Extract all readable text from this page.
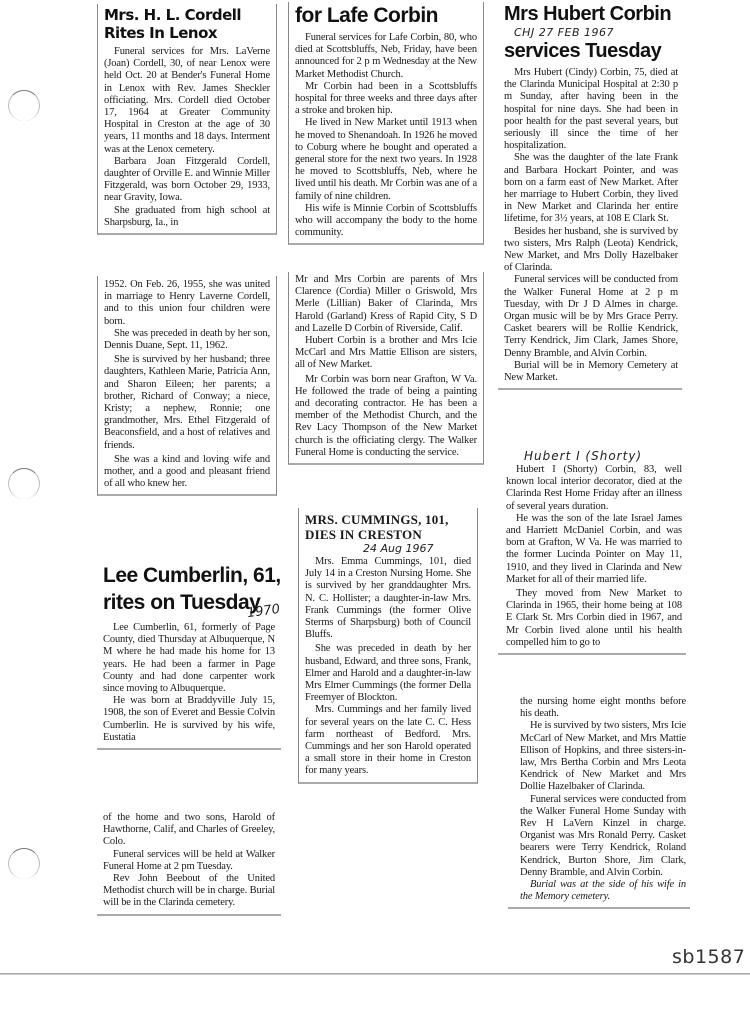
Mrs. H. L. Cordell
Rites In Lenox

Funeral services for Mrs. LaVerne (Joan) Cordell, 30, of near Lenox were held Oct. 20 at Bender's Funeral Home in Lenox with Rev. James Sheckler officiating. Mrs. Cordell died October 17, 1964 at Greater Community Hospital in Creston at the age of 30 years, 11 months and 18 days. Interment was at the Lenox cemetery.

Barbara Joan Fitzgerald Cordell, daughter of Orville E. and Winnie Miller Fitzgerald, was born October 29, 1933, near Gravity, Iowa.

She graduated from high school at Sharpsburg, Ia., in

1952. On Feb. 26, 1955, she was united in marriage to Henry Laverne Cordell, and to this union four children were born.

She was preceded in death by her son, Dennis Duane, Sept. 11, 1962.

She is survived by her husband; three daughters, Kathleen Marie, Patricia Ann, and Sharon Eileen; her parents; a brother, Richard of Conway; a niece, Kristy; a nephew, Ronnie; one grandmother, Mrs. Ethel Fitzgerald of Beaconsfield, and a host of relatives and friends.

She was a kind and loving wife and mother, and a good and pleasant friend of all who knew her.

Lee Cumberlin, 61,
rites on Tuesday
1970

Lee Cumberlin, 61, formerly of Page County, died Thursday at Albuquerque, N M where he had made his home for 13 years. He had been a farmer in Page County and had done carpenter work since moving to Albuquerque.

He was born at Braddyville July 15, 1908, the son of Everet and Bessie Colvin Cumberlin. He is survived by his wife, Eustatia

of the home and two sons, Harold of Hawthorne, Calif, and Charles of Greeley, Colo.

Funeral services will be held at Walker Funeral Home at 2 pm Tuesday.

Rev John Beebout of the United Methodist church will be in charge. Burial will be in the Clarinda cemetery.

for Lafe Corbin

Funeral services for Lafe Corbin, 80, who died at Scottsbluffs, Neb, Friday, have been announced for 2 p m Wednesday at the New Market Methodist Church.

Mr Corbin had been in a Scottsbluffs hospital for three weeks and three days after a stroke and broken hip.

He lived in New Market until 1913 when he moved to Shenandoah. In 1926 he moved to Coburg where he bought and operated a general store for the next two years. In 1928 he moved to Scottsbluffs, Neb, where he lived until his death. Mr Corbin was ane of a family of nine children.

His wife is Minnie Corbin of Scottsbluffs who will accompany the body to the home community.

Mr and Mrs Corbin are parents of Mrs Clarence (Cordia) Miller o Griswold, Mrs Merle (Lillian) Baker of Clarinda, Mrs Harold (Garland) Kress of Rapid City, S D and Lazelle D Corbin of Riverside, Calif.

Hubert Corbin is a brother and Mrs Icie McCarl and Mrs Mattie Ellison are sisters, all of New Market.

Mr Corbin was born near Grafton, W Va. He followed the trade of being a painting and decorating contractor. He has been a member of the Methodist Church, and the Rev Lacy Thompson of the New Market church is the officiating clergy. The Walker Funeral Home is conducting the service.

MRS. CUMMINGS, 101,
DIES IN CRESTON
24 Aug 1967

Mrs. Emma Cummings, 101, died July 14 in a Creston Nursing Home. She is survived by her granddaughter Mrs. N. C. Hollister; a daughter-in-law Mrs. Frank Cummings (the former Olive Sterms of Sharpsburg) both of Council Bluffs.

She was preceded in death by her husband, Edward, and three sons, Frank, Elmer and Harold and a daughter-in-law Mrs Elmer Cummings (the former Della Freemyer of Blockton.

Mrs. Cummings and her family lived for several years on the late C. C. Hess farm northeast of Bedford. Mrs. Cummings and her son Harold operated a small store in their home in Creston for many years.

Mrs Hubert Corbin
CHJ 27 FEB 1967
services Tuesday

Mrs Hubert (Cindy) Corbin, 75, died at the Clarinda Municipal Hospital at 2:30 p m Sunday, after having been in the hospital for nine days. She had been in poor health for the past several years, but seriously ill since the time of her hospitalization.

She was the daughter of the late Frank and Barbara Hockart Pointer, and was born on a farm east of New Market. After her marriage to Hubert Corbin, they lived in New Market and Clarinda her entire lifetime, for 3½ years, at 108 E Clark St.

Besides her husband, she is survived by two sisters, Mrs Ralph (Leota) Kendrick, New Market, and Mrs Dolly Hazelbaker of Clarinda.

Funeral services will be conducted from the Walker Funeral Home at 2 p m Tuesday, with Dr J D Almes in charge. Organ music will be by Mrs Grace Perry. Casket bearers will be Rollie Kendrick, Terry Kendrick, Jim Clark, James Shore, Denny Bramble, and Alvin Corbin.

Burial will be in Memory Cemetery at New Market.

Hubert I (Shorty)

Hubert I (Shorty) Corbin, 83, well known local interior decorator, died at the Clarinda Rest Home Friday after an illness of several years duration.

He was the son of the late Israel James and Harriett McDaniel Corbin, and was born at Grafton, W Va. He was married to the former Lucinda Pointer on May 11, 1910, and they lived in Clarinda and New Market for all of their married life.

They moved from New Market to Clarinda in 1965, their home being at 108 E Clark St. Mrs Corbin died in 1967, and Mr Corbin lived alone until his health compelled him to go to

the nursing home eight months before his death.

He is survived by two sisters, Mrs Icie McCarl of New Market, and Mrs Mattie Ellison of Hopkins, and three sisters-in-law, Mrs Bertha Corbin and Mrs Leota Kendrick of New Market and Mrs Dollie Hazelbaker of Clarinda.

Funeral services were conducted from the Walker Funeral Home Sunday with Rev H LaVern Kinzel in charge. Organist was Mrs Ronald Perry. Casket bearers were Terry Kendrick, Roland Kendrick, Burton Shore, Jim Clark, Denny Bramble, and Alvin Corbin.

Burial was at the side of his wife in the Memory cemetery.

sb1587
